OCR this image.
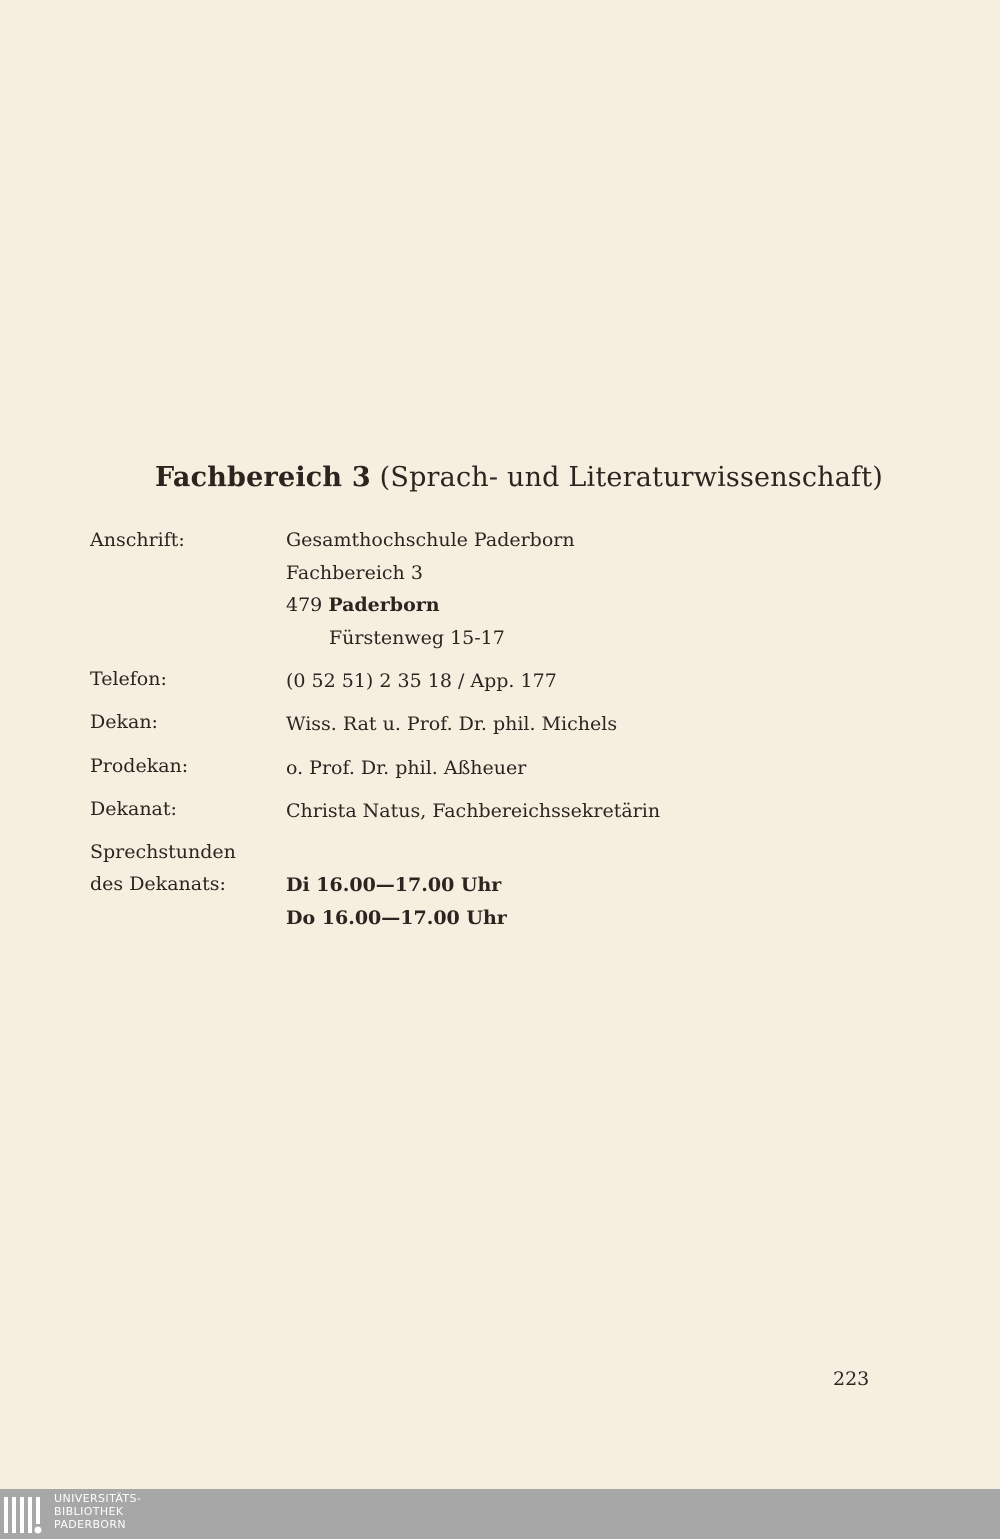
Fachbereich 3 (Sprach- und Literaturwissenschaft)
Anschrift:	Gesamthochschule Paderborn
Fachbereich 3
479 Paderborn
Fürstenweg 15-17
Telefon:	(0 52 51) 2 35 18 / App. 177
Dekan:	Wiss. Rat u. Prof. Dr. phil. Michels
Prodekan:	o. Prof. Dr. phil. Aßheuer
Dekanat:	Christa Natus, Fachbereichssekretärin
Sprechstunden
des Dekanats:	Di 16.00—17.00 Uhr
Do 16.00—17.00 Uhr
223
UNIVERSITÄTS-
BIBLIOTHEK
PADERBORN
